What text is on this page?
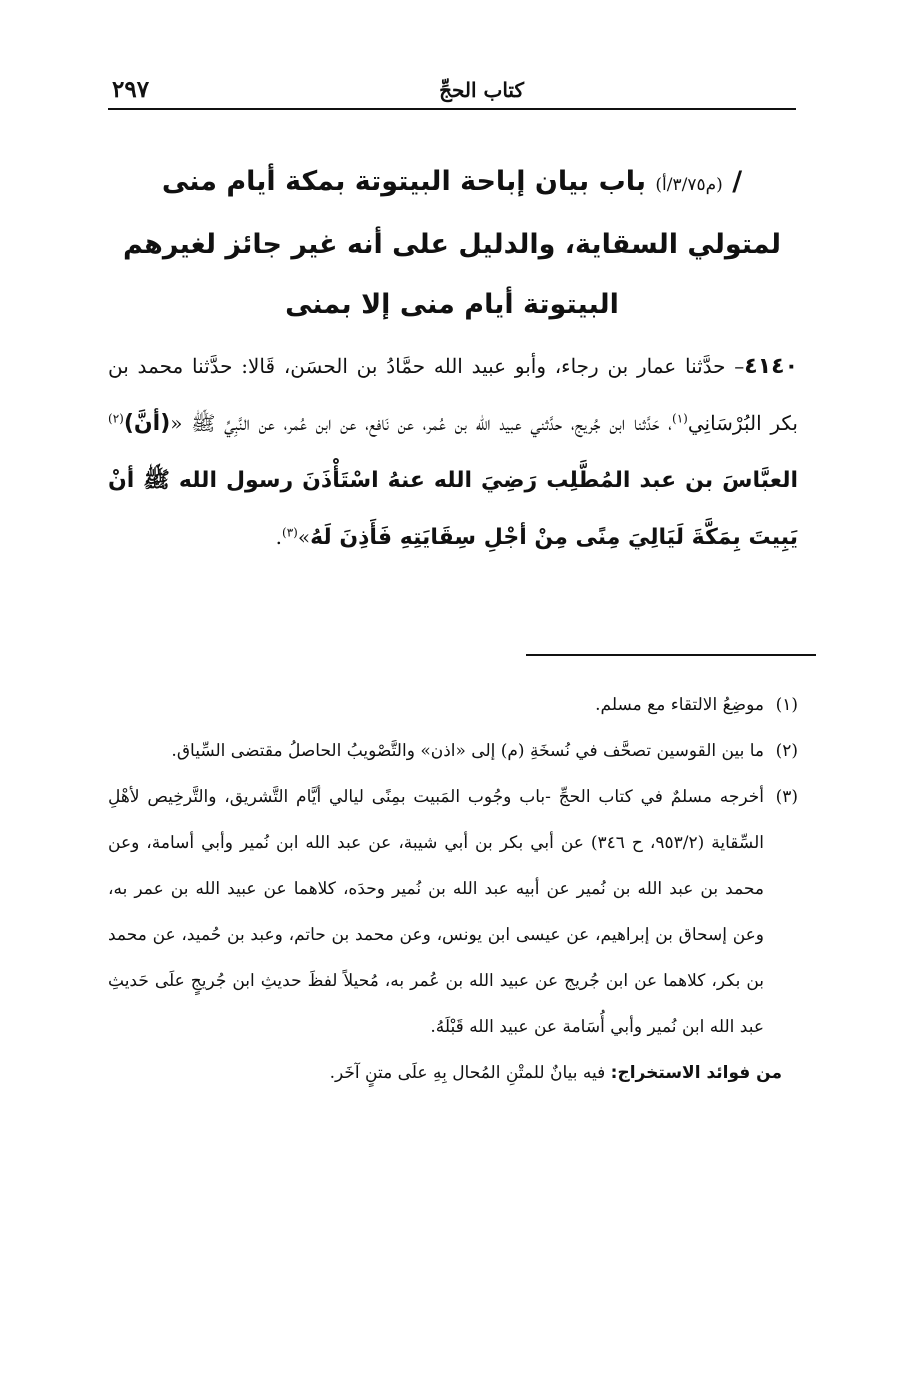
كتاب الحجِّ
٢٩٧
/ (م٣/٧٥/أ) باب بيان إباحة البيتوتة بمكة أيام منى
لمتولي السقاية، والدليل على أنه غير جائز لغيرهم
البيتوتة أيام منى إلا بمنى
٤١٤٠– حدَّثنا عمار بن رجاء، وأبو عبيد الله حمَّادُ بن الحسَن، قَالا: حدَّثنا محمد بن بكر البُرْسَانِي$^{(١)}$، حَدَّثنا ابن جُريج، حدَّثني عبيد الله بن عُمر، عن نَافع، عن ابن عُمر، عن النَّبِيِّ ﷺ «(أنَّ)$^{(٢)}$ العبَّاسَ بن عبد المُطَّلِب رَضِيَ الله عنهُ اسْتَأْذَنَ رسول الله ﷺ أنْ يَبِيتَ بِمَكَّةَ لَيَالِيَ مِنًى مِنْ أجْلِ سِقَايَتِهِ فَأَذِنَ لَهُ»$^{(٣)}$.
(١)
موضِعُ الالتقاء مع مسلم.
(٢)
ما بين القوسين تصحَّف في نُسخَةِ (م) إلى «اذن» والتَّصْويبُ الحاصلُ مقتضى السِّياق.
(٣)
أخرجه مسلمٌ في كتاب الحجِّ -باب وجُوب المَبيت بمِنًى ليالي أيَّام التَّشريق، والتَّرخِيص لأهْلِ السِّقاية (٩٥٣/٢، ح ٣٤٦) عن أبي بكر بن أبي شيبة، عن عبد الله ابن نُمير وأبي أسامة، وعن محمد بن عبد الله بن نُمير عن أبيه عبد الله بن نُمير وحدَه، كلاهما عن عبيد الله بن عمر به، وعن إسحاق بن إبراهيم، عن عيسى ابن يونس، وعن محمد بن حاتم، وعبد بن حُميد، عن محمد بن بكر، كلاهما عن ابن جُريج عن عبيد الله بن عُمر به، مُحيلاً لفظَ حديثِ ابن جُريجٍ علَى حَديثِ عبد الله ابن نُمير وأبي أُسَامة عن عبيد الله قَبْلَهُ.
من فوائد الاستخراج: فيه بيانٌ للمتْنِ المُحال بِهِ علَى متنٍ آخَر.
